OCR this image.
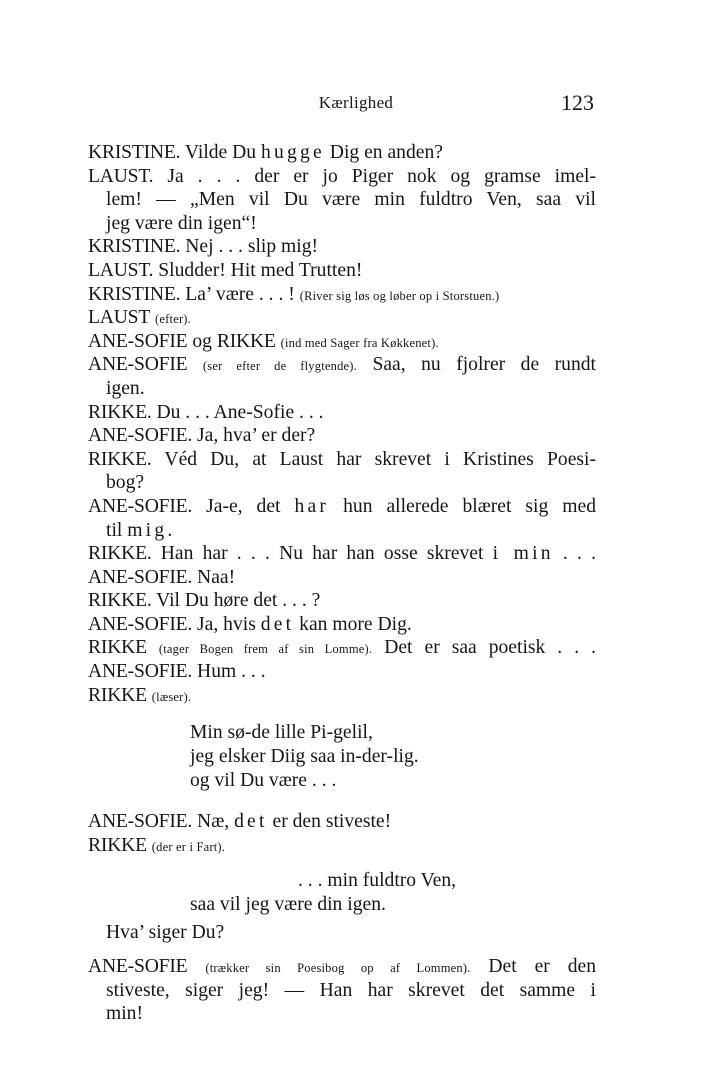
Kærlighed	123
KRISTINE. Vilde Du hugge Dig en anden?
LAUST. Ja . . . der er jo Piger nok og gramse imel-
lem! — „Men vil Du være min fuldtro Ven, saa vil
jeg være din igen“!
KRISTINE. Nej . . . slip mig!
LAUST. Sludder! Hit med Trutten!
KRISTINE. La’ være . . . ! (River sig løs og løber op i Storstuen.)
LAUST (efter).
ANE-SOFIE og RIKKE (ind med Sager fra Køkkenet).
ANE-SOFIE (ser efter de flygtende). Saa, nu fjolrer de rundt
igen.
RIKKE. Du . . . Ane-Sofie . . .
ANE-SOFIE. Ja, hva’ er der?
RIKKE. Véd Du, at Laust har skrevet i Kristines Poesi-
bog?
ANE-SOFIE. Ja-e, det har hun allerede blæret sig med
til mig.
RIKKE. Han har . . . Nu har han osse skrevet i min . . .
ANE-SOFIE. Naa!
RIKKE. Vil Du høre det . . . ?
ANE-SOFIE. Ja, hvis det kan more Dig.
RIKKE (tager Bogen frem af sin Lomme). Det er saa poetisk . . .
ANE-SOFIE. Hum . . .
RIKKE (læser).
Min sø-de lille Pi-gelil,
jeg elsker Diig saa in-der-lig.
og vil Du være . . .
ANE-SOFIE. Næ, det er den stiveste!
RIKKE (der er i Fart).
. . . min fuldtro Ven,
saa vil jeg være din igen.
Hva’ siger Du?
ANE-SOFIE (trækker sin Poesibog op af Lommen). Det er den
stiveste, siger jeg! — Han har skrevet det samme i
min!
